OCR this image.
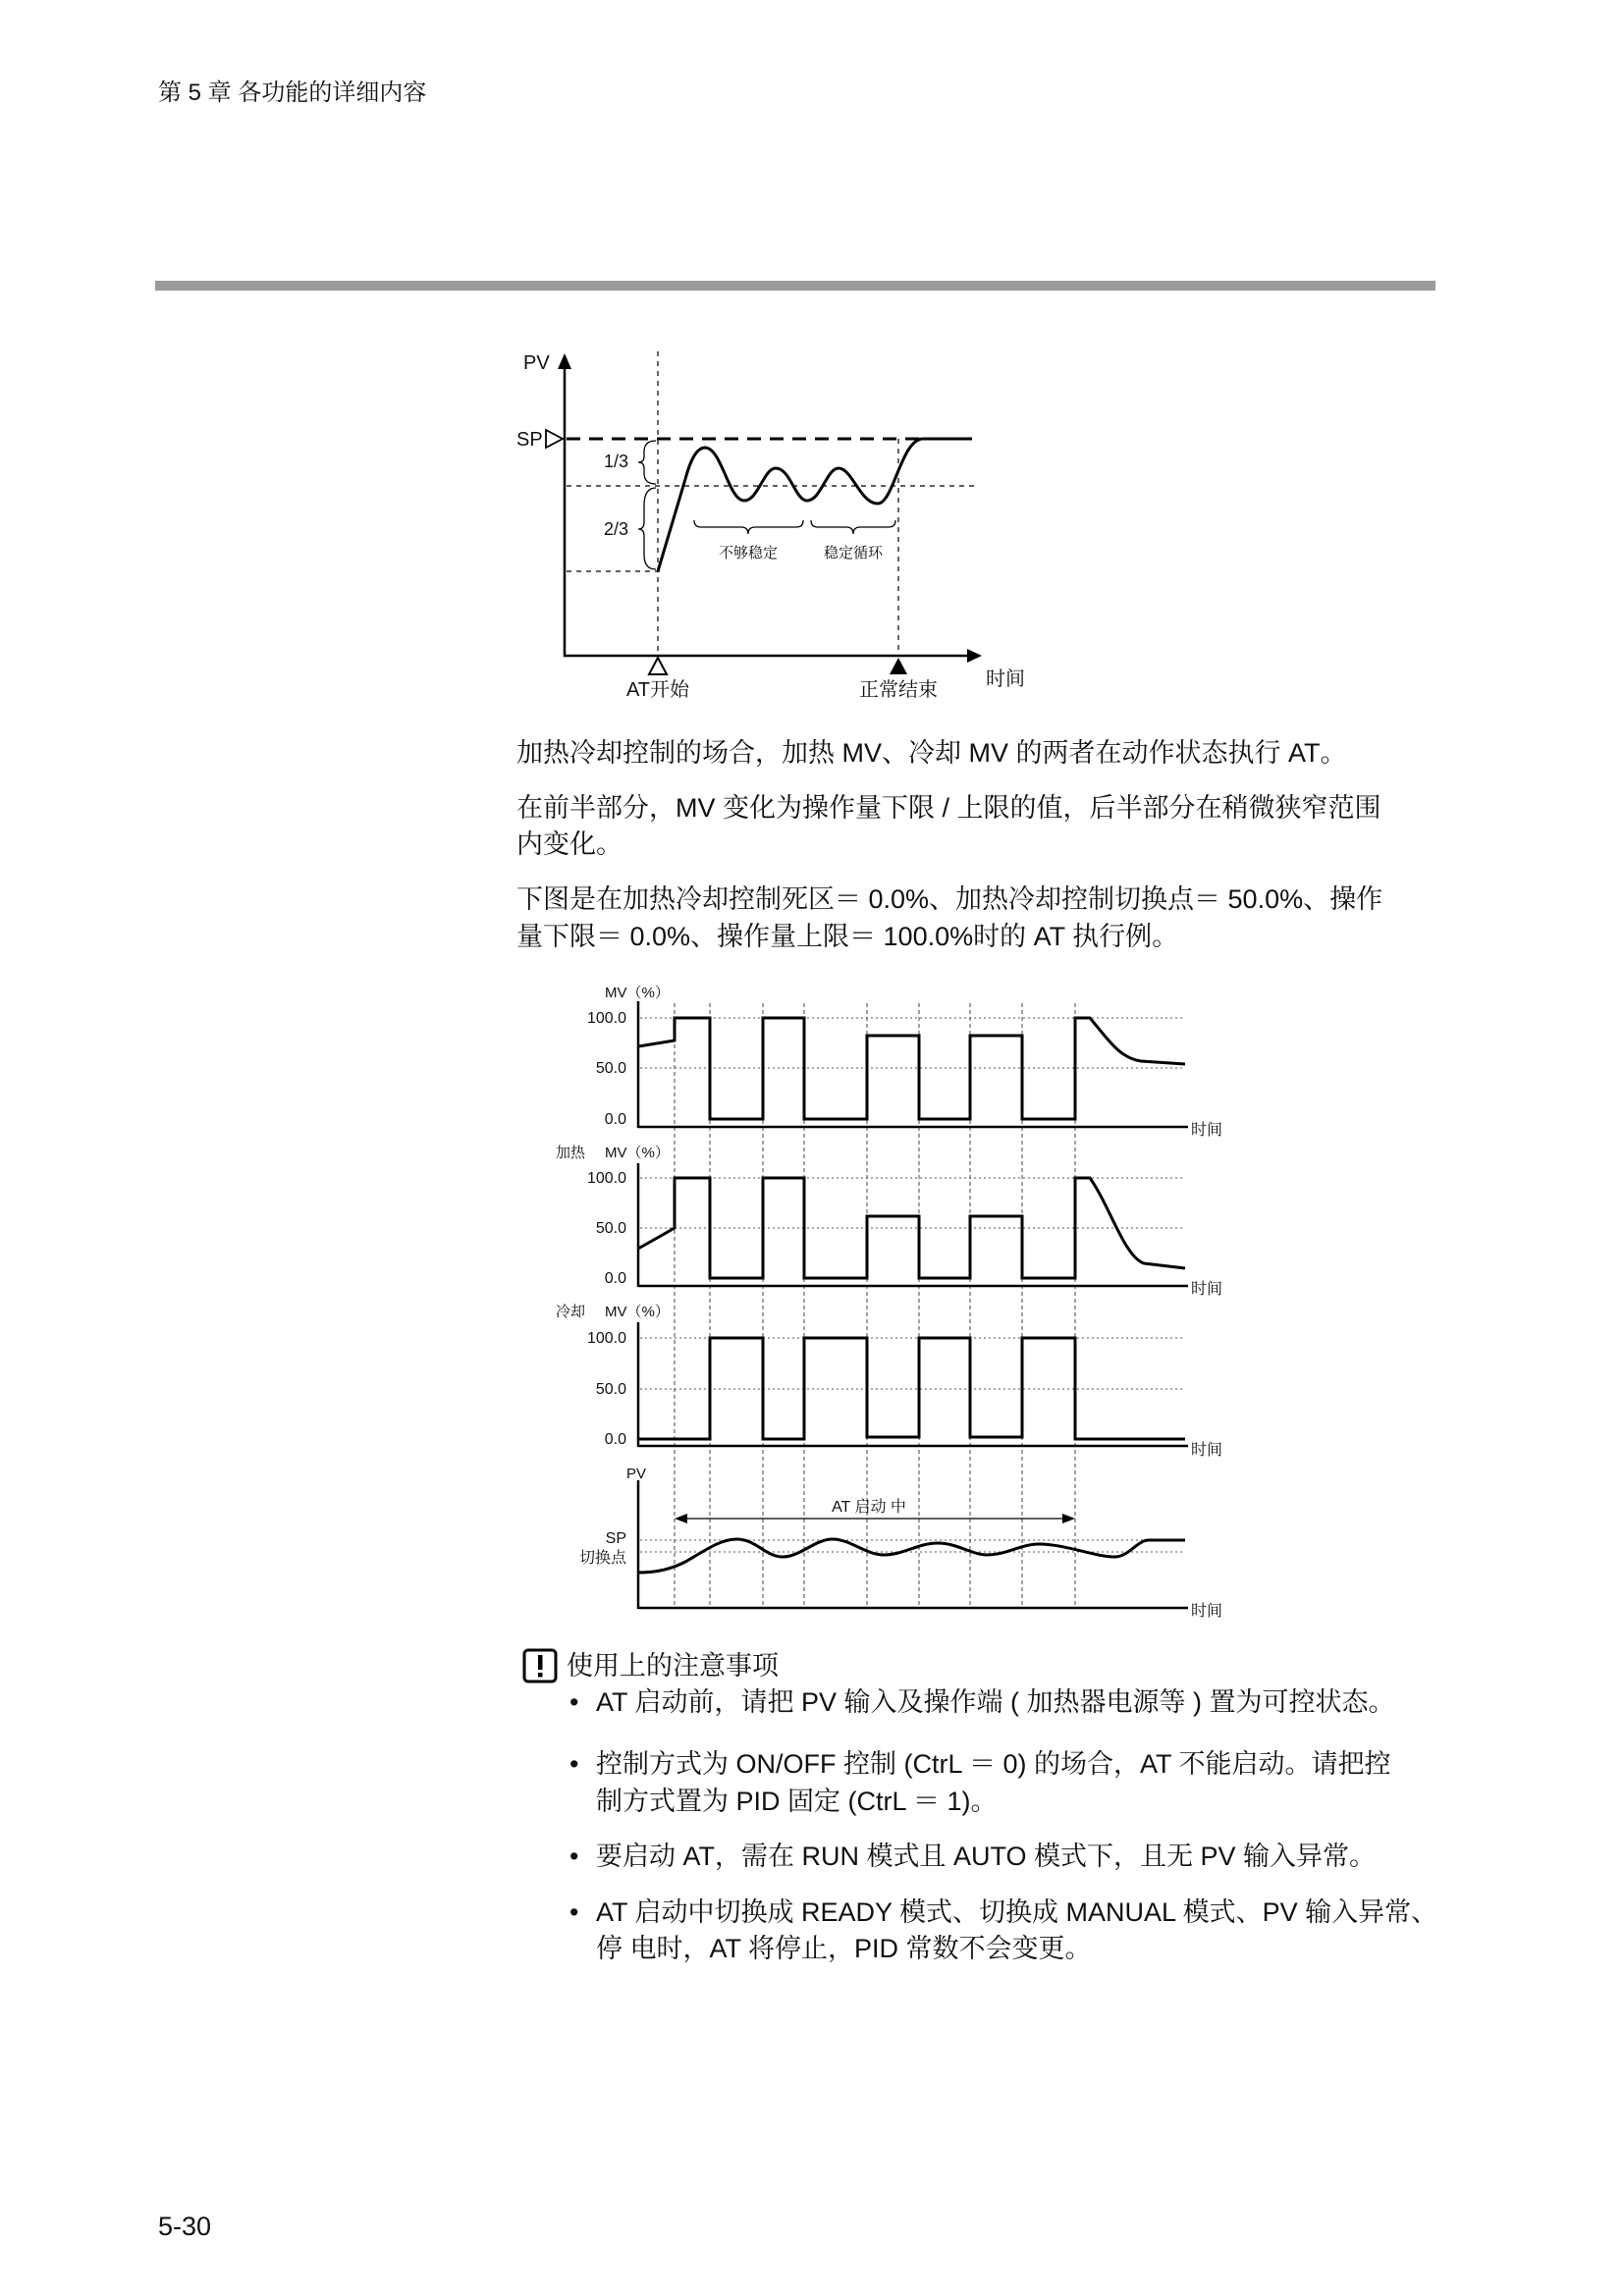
第 5 章 各功能的详细内容
PV
SP
1/3
2/3
不够稳定	稳定循环
AT开始	正常结束 时间
加热冷却控制的场合，加热 MV、冷却 MV 的两者在动作状态执行 AT。
在前半部分，MV 变化为操作量下限 / 上限的值，后半部分在稍微狭窄范围
内变化。
下图是在加热冷却控制死区＝ 0.0%、加热冷却控制切换点＝ 50.0%、操作
量下限＝ 0.0%、操作量上限＝ 100.0%时的 AT 执行例。
MV（%）
100.0
50.0
0.0
时间
加热 MV（%）
100.0
50.0
0.0
时间
冷却 MV（%）
100.0
50.0
0.0
时间
PV
SP
切换点
AT 启动 中
时间
使用上的注意事项
• AT 启动前，请把 PV 输入及操作端 ( 加热器电源等 ) 置为可控状态。
• 控制方式为 ON/OFF 控制 (CtrL ＝ 0) 的场合，AT 不能启动。请把控
制方式置为 PID 固定 (CtrL ＝ 1)。
• 要启动 AT，需在 RUN 模式且 AUTO 模式下，且无 PV 输入异常。
• AT 启动中切换成 READY 模式、切换成 MANUAL 模式、PV 输入异常、
停 电时，AT 将停止，PID 常数不会变更。
5-30
